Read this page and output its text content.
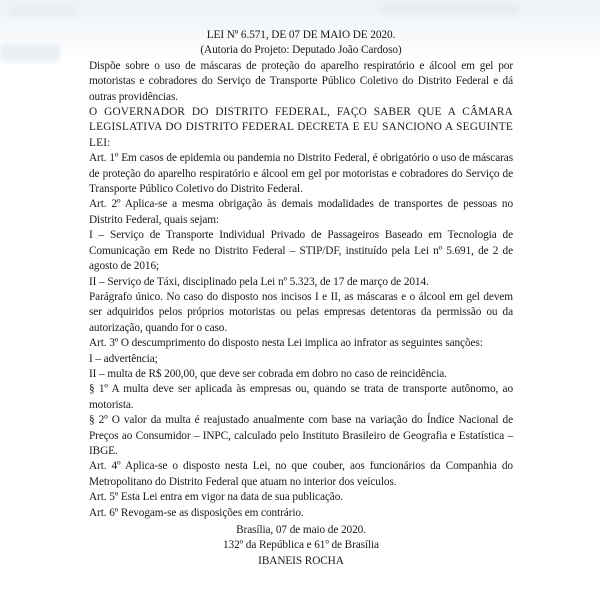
LEI Nº 6.571, DE 07 DE MAIO DE 2020.

(Autoria do Projeto: Deputado João Cardoso)

Dispõe sobre o uso de máscaras de proteção do aparelho respiratório e álcool em gel por motoristas e cobradores do Serviço de Transporte Público Coletivo do Distrito Federal e dá outras providências.

O GOVERNADOR DO DISTRITO FEDERAL, FAÇO SABER QUE A CÂMARA LEGISLATIVA DO DISTRITO FEDERAL DECRETA E EU SANCIONO A SEGUINTE LEI:

Art. 1º Em casos de epidemia ou pandemia no Distrito Federal, é obrigatório o uso de máscaras de proteção do aparelho respiratório e álcool em gel por motoristas e cobradores do Serviço de Transporte Público Coletivo do Distrito Federal.

Art. 2º Aplica-se a mesma obrigação às demais modalidades de transportes de pessoas no Distrito Federal, quais sejam:

I – Serviço de Transporte Individual Privado de Passageiros Baseado em Tecnologia de Comunicação em Rede no Distrito Federal – STIP/DF, instituído pela Lei nº 5.691, de 2 de agosto de 2016;

II – Serviço de Táxi, disciplinado pela Lei nº 5.323, de 17 de março de 2014.

Parágrafo único. No caso do disposto nos incisos I e II, as máscaras e o álcool em gel devem ser adquiridos pelos próprios motoristas ou pelas empresas detentoras da permissão ou da autorização, quando for o caso.

Art. 3º O descumprimento do disposto nesta Lei implica ao infrator as seguintes sanções:

I – advertência;

II – multa de R$ 200,00, que deve ser cobrada em dobro no caso de reincidência.

§ 1º A multa deve ser aplicada às empresas ou, quando se trata de transporte autônomo, ao motorista.

§ 2º O valor da multa é reajustado anualmente com base na variação do Índice Nacional de Preços ao Consumidor – INPC, calculado pelo Instituto Brasileiro de Geografia e Estatística – IBGE.

Art. 4º Aplica-se o disposto nesta Lei, no que couber, aos funcionários da Companhia do Metropolitano do Distrito Federal que atuam no interior dos veículos.

Art. 5º Esta Lei entra em vigor na data de sua publicação.

Art. 6º Revogam-se as disposições em contrário.

Brasília, 07 de maio de 2020.

132º da República e 61º de Brasília

IBANEIS ROCHA
